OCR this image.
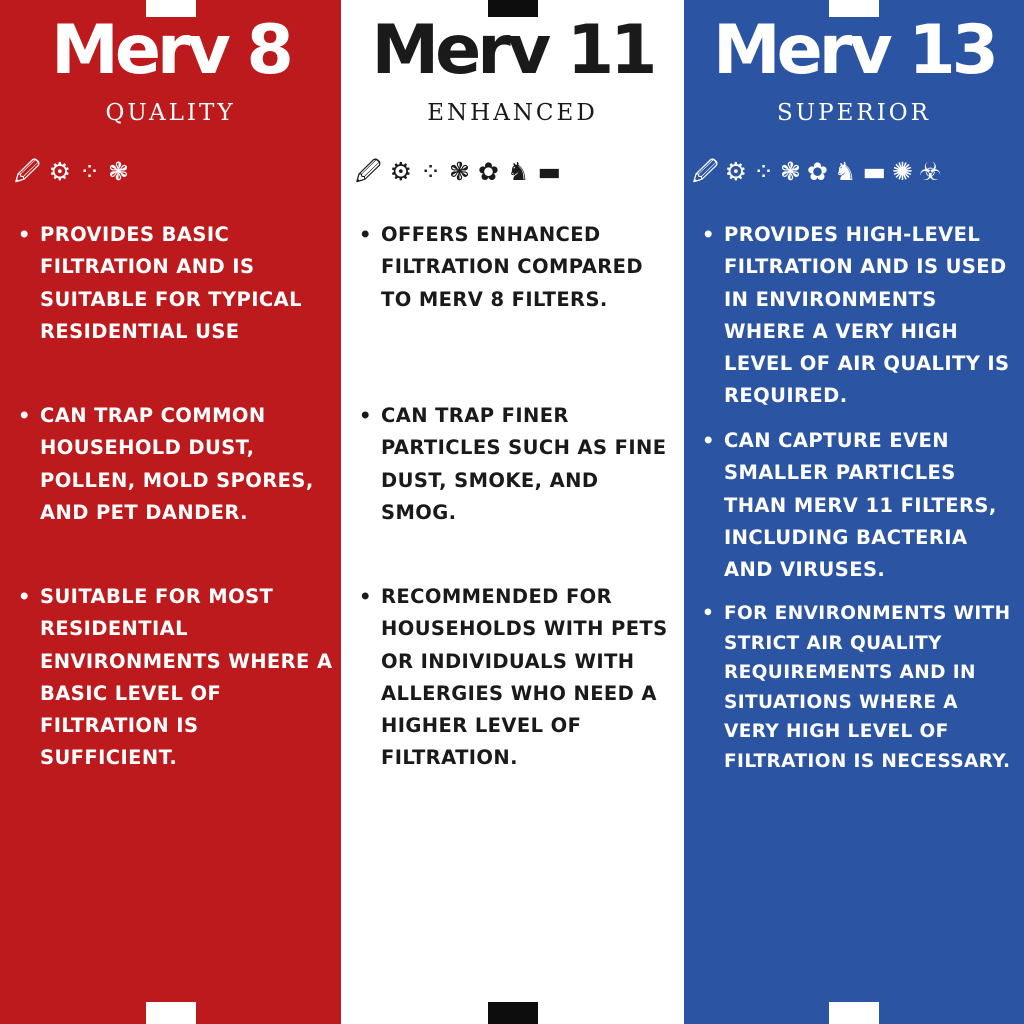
Merv 8
QUALITY
🖉 ⚙ ⁘ ❃
• PROVIDES BASIC FILTRATION AND IS SUITABLE FOR TYPICAL RESIDENTIAL USE
• CAN TRAP COMMON HOUSEHOLD DUST, POLLEN, MOLD SPORES, AND PET DANDER.
• SUITABLE FOR MOST RESIDENTIAL ENVIRONMENTS WHERE A BASIC LEVEL OF FILTRATION IS SUFFICIENT.
Merv 11
ENHANCED
🖉 ⚙ ⁘ ❃ ✿ ♞ ▬
• OFFERS ENHANCED FILTRATION COMPARED TO MERV 8 FILTERS.
• CAN TRAP FINER PARTICLES SUCH AS FINE DUST, SMOKE, AND SMOG.
• RECOMMENDED FOR HOUSEHOLDS WITH PETS OR INDIVIDUALS WITH ALLERGIES WHO NEED A HIGHER LEVEL OF FILTRATION.
Merv 13
SUPERIOR
🖉 ⚙ ⁘ ❃ ✿ ♞ ▬ ✺ ☣
• PROVIDES HIGH-LEVEL FILTRATION AND IS USED IN ENVIRONMENTS WHERE A VERY HIGH LEVEL OF AIR QUALITY IS REQUIRED.
• CAN CAPTURE EVEN SMALLER PARTICLES THAN MERV 11 FILTERS, INCLUDING BACTERIA AND VIRUSES.
• FOR ENVIRONMENTS WITH STRICT AIR QUALITY REQUIREMENTS AND IN SITUATIONS WHERE A VERY HIGH LEVEL OF FILTRATION IS NECESSARY.
